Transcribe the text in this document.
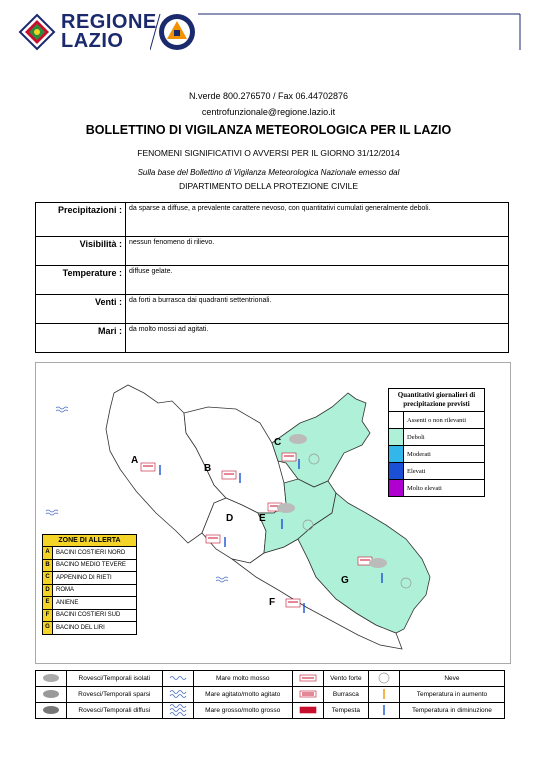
REGIONE
LAZIO
N.verde 800.276570 / Fax 06.44702876
centrofunzionale@regione.lazio.it
BOLLETTINO DI VIGILANZA METEOROLOGICA PER IL LAZIO
FENOMENI SIGNIFICATIVI O AVVERSI PER IL GIORNO 31/12/2014
Sulla base del Bollettino di Vigilanza Meteorologica Nazionale emesso dal
DIPARTIMENTO DELLA PROTEZIONE CIVILE
Precipitazioni :	da sparse a diffuse, a prevalente carattere nevoso, con quantitativi cumulati generalmente deboli.
Visibilità :	nessun fenomeno di rilievo.
Temperature :	diffuse gelate.
Venti :	da forti a burrasca dai quadranti settentrionali.
Mari :	da molto mossi ad agitati.
A
B
C
D	E
F
G
Quantitativi giornalieri di precipitazione previsti
Assenti o non rilevanti
Deboli
Moderati
Elevati
Molto elevati
ZONE DI ALLERTA
A	BACINI COSTIERI NORD
B	BACINO MEDIO TEVERE
C	APPENINO DI RIETI
D	ROMA
E	ANIENE
F	BACINI COSTIERI SUD
G	BACINO DEL LIRI
	Rovesci/Temporali isolati		Mare molto mosso		Vento forte		Neve
	Rovesci/Temporali sparsi		Mare agitato/molto agitato		Burrasca		Temperatura in aumento
	Rovesci/Temporali diffusi		Mare grosso/molto grosso		Tempesta		Temperatura in diminuzione
